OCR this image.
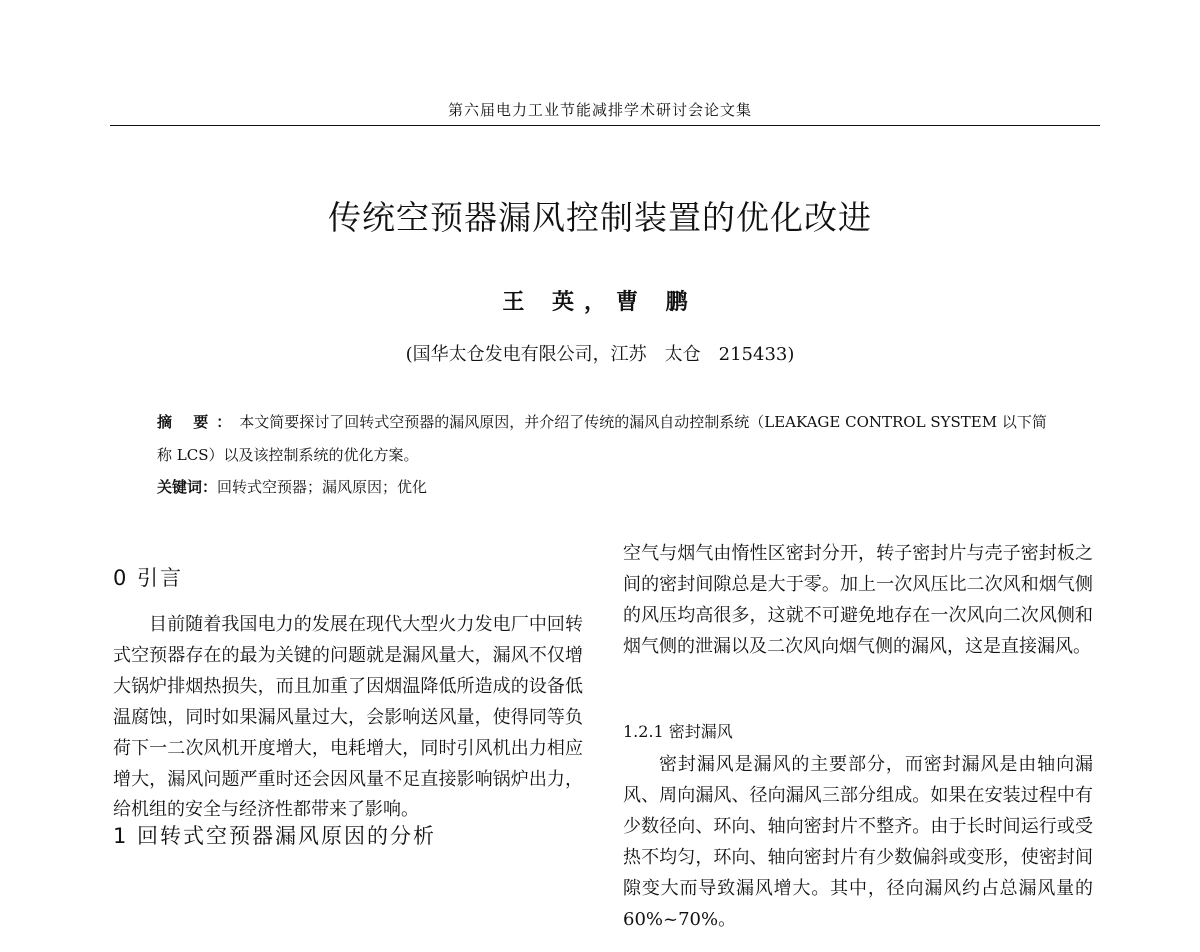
第六届电力工业节能减排学术研讨会论文集
传统空预器漏风控制装置的优化改进
王 英，曹 鹏
(国华太仓发电有限公司，江苏　太仓　215433)
摘 要：本文简要探讨了回转式空预器的漏风原因，并介绍了传统的漏风自动控制系统（LEAKAGE CONTROL SYSTEM 以下简称 LCS）以及该控制系统的优化方案。
关键词：回转式空预器；漏风原因；优化
0 引言
目前随着我国电力的发展在现代大型火力发电厂中回转式空预器存在的最为关键的问题就是漏风量大，漏风不仅增大锅炉排烟热损失，而且加重了因烟温降低所造成的设备低温腐蚀，同时如果漏风量过大，会影响送风量，使得同等负荷下一二次风机开度增大，电耗增大，同时引风机出力相应增大，漏风问题严重时还会因风量不足直接影响锅炉出力，给机组的安全与经济性都带来了影响。
1 回转式空预器漏风原因的分析
空气与烟气由惰性区密封分开，转子密封片与壳子密封板之间的密封间隙总是大于零。加上一次风压比二次风和烟气侧的风压均高很多，这就不可避免地存在一次风向二次风侧和烟气侧的泄漏以及二次风向烟气侧的漏风，这是直接漏风。
1.2.1 密封漏风
密封漏风是漏风的主要部分，而密封漏风是由轴向漏风、周向漏风、径向漏风三部分组成。如果在安装过程中有少数径向、环向、轴向密封片不整齐。由于长时间运行或受热不均匀，环向、轴向密封片有少数偏斜或变形，使密封间隙变大而导致漏风增大。其中，径向漏风约占总漏风量的 60%~70%。
